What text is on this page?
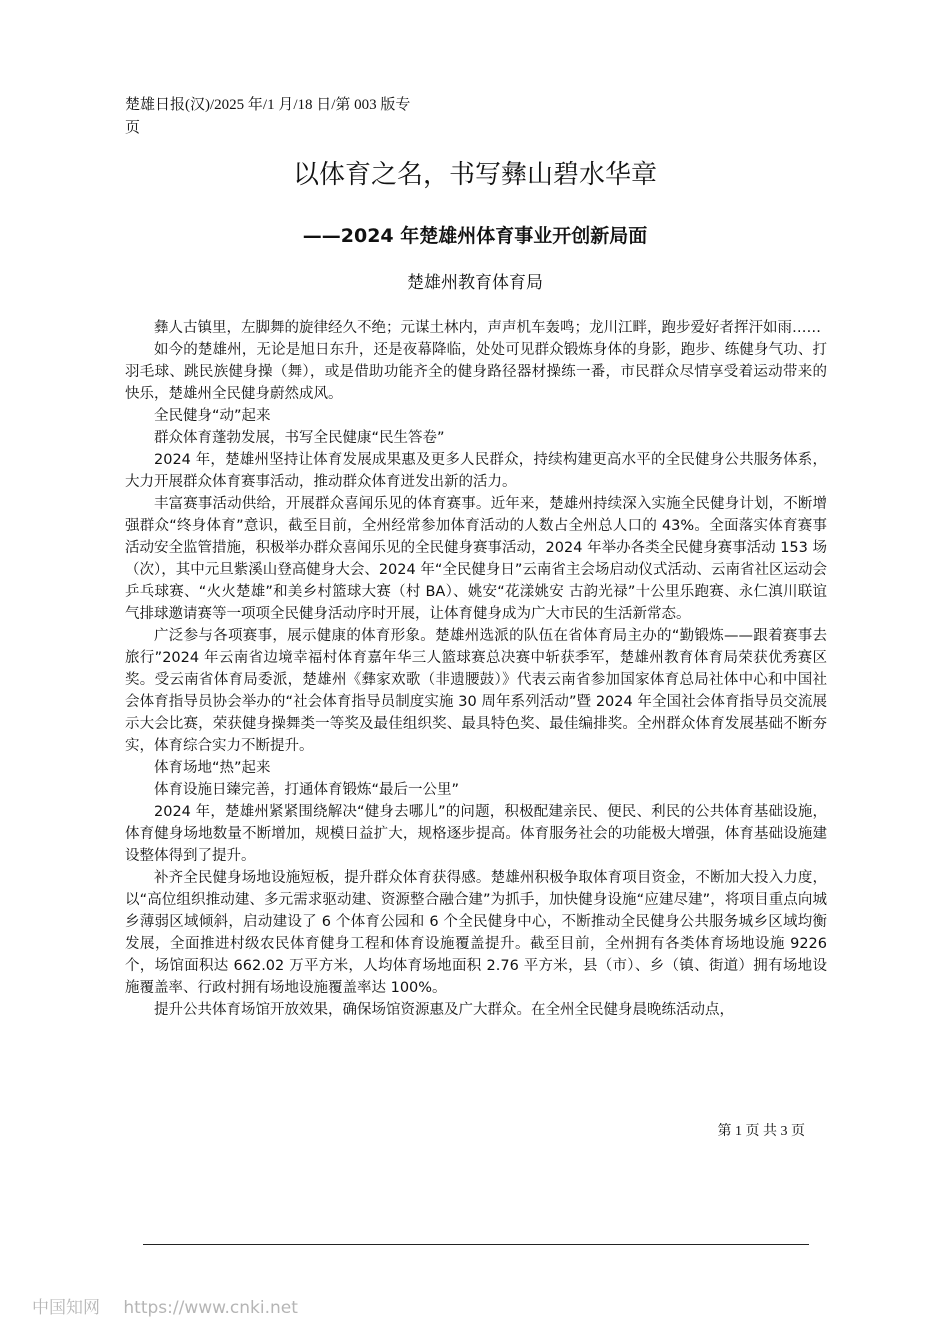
楚雄日报(汉)/2025 年/1 月/18 日/第 003 版专页
以体育之名，书写彝山碧水华章
——2024 年楚雄州体育事业开创新局面
楚雄州教育体育局

彝人古镇里，左脚舞的旋律经久不绝；元谋土林内，声声机车轰鸣；龙川江畔，跑步爱好者挥汗如雨……

如今的楚雄州，无论是旭日东升，还是夜幕降临，处处可见群众锻炼身体的身影，跑步、练健身气功、打羽毛球、跳民族健身操（舞），或是借助功能齐全的健身路径器材操练一番，市民群众尽情享受着运动带来的快乐，楚雄州全民健身蔚然成风。

全民健身“动”起来

群众体育蓬勃发展，书写全民健康“民生答卷”

2024 年，楚雄州坚持让体育发展成果惠及更多人民群众，持续构建更高水平的全民健身公共服务体系，大力开展群众体育赛事活动，推动群众体育迸发出新的活力。

丰富赛事活动供给，开展群众喜闻乐见的体育赛事。近年来，楚雄州持续深入实施全民健身计划，不断增强群众“终身体育”意识，截至目前，全州经常参加体育活动的人数占全州总人口的 43%。全面落实体育赛事活动安全监管措施，积极举办群众喜闻乐见的全民健身赛事活动，2024 年举办各类全民健身赛事活动 153 场（次），其中元旦紫溪山登高健身大会、2024 年“全民健身日”云南省主会场启动仪式活动、云南省社区运动会乒乓球赛、“火火楚雄”和美乡村篮球大赛（村 BA）、姚安“花漾姚安 古韵光禄”十公里乐跑赛、永仁滇川联谊气排球邀请赛等一项项全民健身活动序时开展，让体育健身成为广大市民的生活新常态。

广泛参与各项赛事，展示健康的体育形象。楚雄州选派的队伍在省体育局主办的“勤锻炼——跟着赛事去旅行”2024 年云南省边境幸福村体育嘉年华三人篮球赛总决赛中斩获季军，楚雄州教育体育局荣获优秀赛区奖。受云南省体育局委派，楚雄州《彝家欢歌（非遗腰鼓）》代表云南省参加国家体育总局社体中心和中国社会体育指导员协会举办的“社会体育指导员制度实施 30 周年系列活动”暨 2024 年全国社会体育指导员交流展示大会比赛，荣获健身操舞类一等奖及最佳组织奖、最具特色奖、最佳编排奖。全州群众体育发展基础不断夯实，体育综合实力不断提升。

体育场地“热”起来

体育设施日臻完善，打通体育锻炼“最后一公里”

2024 年，楚雄州紧紧围绕解决“健身去哪儿”的问题，积极配建亲民、便民、利民的公共体育基础设施，体育健身场地数量不断增加，规模日益扩大，规格逐步提高。体育服务社会的功能极大增强，体育基础设施建设整体得到了提升。

补齐全民健身场地设施短板，提升群众体育获得感。楚雄州积极争取体育项目资金，不断加大投入力度，以“高位组织推动建、多元需求驱动建、资源整合融合建”为抓手，加快健身设施“应建尽建”，将项目重点向城乡薄弱区域倾斜，启动建设了 6 个体育公园和 6 个全民健身中心，不断推动全民健身公共服务城乡区域均衡发展，全面推进村级农民体育健身工程和体育设施覆盖提升。截至目前，全州拥有各类体育场地设施 9226 个，场馆面积达 662.02 万平方米，人均体育场地面积 2.76 平方米，县（市）、乡（镇、街道）拥有场地设施覆盖率、行政村拥有场地设施覆盖率达 100%。

提升公共体育场馆开放效果，确保场馆资源惠及广大群众。在全州全民健身晨晚练活动点，

第 1 页 共 3 页
中国知网 https://www.cnki.net
